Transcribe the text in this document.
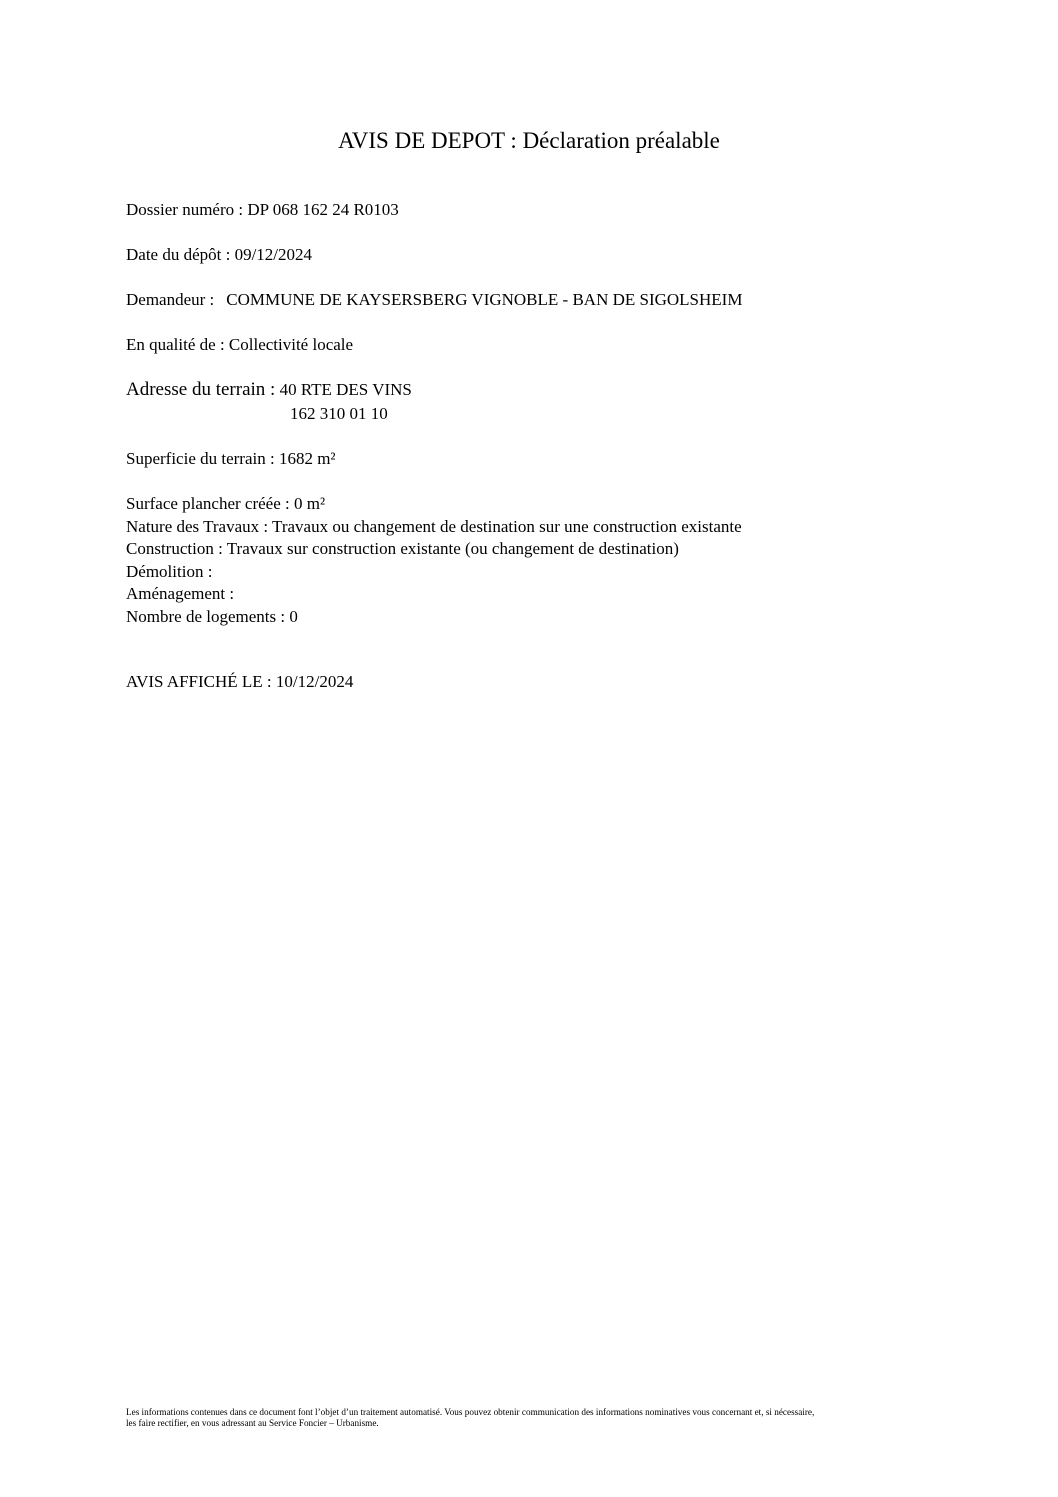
AVIS DE DEPOT : Déclaration préalable
Dossier numéro : DP 068 162 24 R0103
Date du dépôt : 09/12/2024
Demandeur : COMMUNE DE KAYSERSBERG VIGNOBLE - BAN DE SIGOLSHEIM
En qualité de : Collectivité locale
Adresse du terrain : 40 RTE DES VINS
162 310 01 10
Superficie du terrain : 1682 m²
Surface plancher créée : 0 m²
Nature des Travaux : Travaux ou changement de destination sur une construction existante
Construction : Travaux sur construction existante (ou changement de destination)
Démolition :
Aménagement :
Nombre de logements : 0
AVIS AFFICHÉ LE : 10/12/2024
Les informations contenues dans ce document font l’objet d’un traitement automatisé. Vous pouvez obtenir communication des informations nominatives vous concernant et, si nécessaire,
les faire rectifier, en vous adressant au Service Foncier – Urbanisme.
